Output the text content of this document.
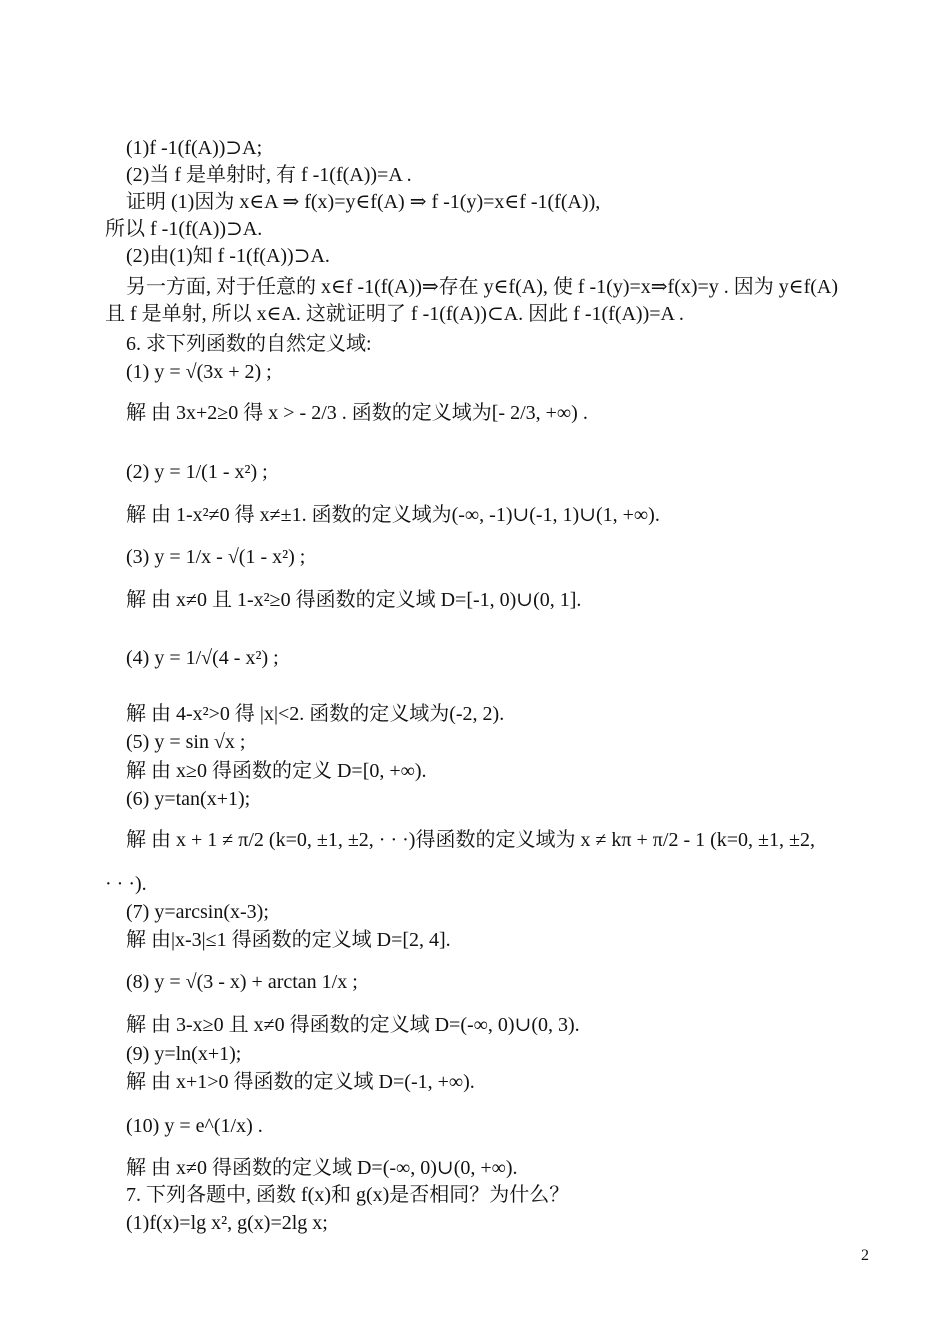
(1)f -1(f(A))⊃A;
(2)当 f 是单射时, 有 f -1(f(A))=A .
证明 (1)因为 x∈A ⇒ f(x)=y∈f(A) ⇒ f -1(y)=x∈f -1(f(A)),
所以 f -1(f(A))⊃A.
(2)由(1)知 f -1(f(A))⊃A.
另一方面, 对于任意的 x∈f -1(f(A))⇒存在 y∈f(A), 使 f -1(y)=x⇒f(x)=y . 因为 y∈f(A)
且 f 是单射, 所以 x∈A. 这就证明了 f -1(f(A))⊂A. 因此 f -1(f(A))=A .
6. 求下列函数的自然定义域:
(1) y = √(3x + 2) ;
解 由 3x+2≥0 得 x > - 2/3 . 函数的定义域为[- 2/3, +∞) .
(2) y = 1/(1 - x²) ;
解 由 1-x²≠0 得 x≠±1. 函数的定义域为(-∞, -1)∪(-1, 1)∪(1, +∞).
(3) y = 1/x - √(1 - x²) ;
解 由 x≠0 且 1-x²≥0 得函数的定义域 D=[-1, 0)∪(0, 1].
(4) y = 1/√(4 - x²) ;
解 由 4-x²>0 得 |x|<2. 函数的定义域为(-2, 2).
(5) y = sin √x ;
解 由 x≥0 得函数的定义 D=[0, +∞).
(6) y=tan(x+1);
解 由 x + 1 ≠ π/2 (k=0, ±1, ±2, · · ·)得函数的定义域为 x ≠ kπ + π/2 - 1 (k=0, ±1, ±2,
· · ·).
(7) y=arcsin(x-3);
解 由|x-3|≤1 得函数的定义域 D=[2, 4].
(8) y = √(3 - x) + arctan 1/x ;
解 由 3-x≥0 且 x≠0 得函数的定义域 D=(-∞, 0)∪(0, 3).
(9) y=ln(x+1);
解 由 x+1>0 得函数的定义域 D=(-1, +∞).
(10) y = e^(1/x) .
解 由 x≠0 得函数的定义域 D=(-∞, 0)∪(0, +∞).
7. 下列各题中, 函数 f(x)和 g(x)是否相同？为什么？
(1)f(x)=lg x², g(x)=2lg x;
2
